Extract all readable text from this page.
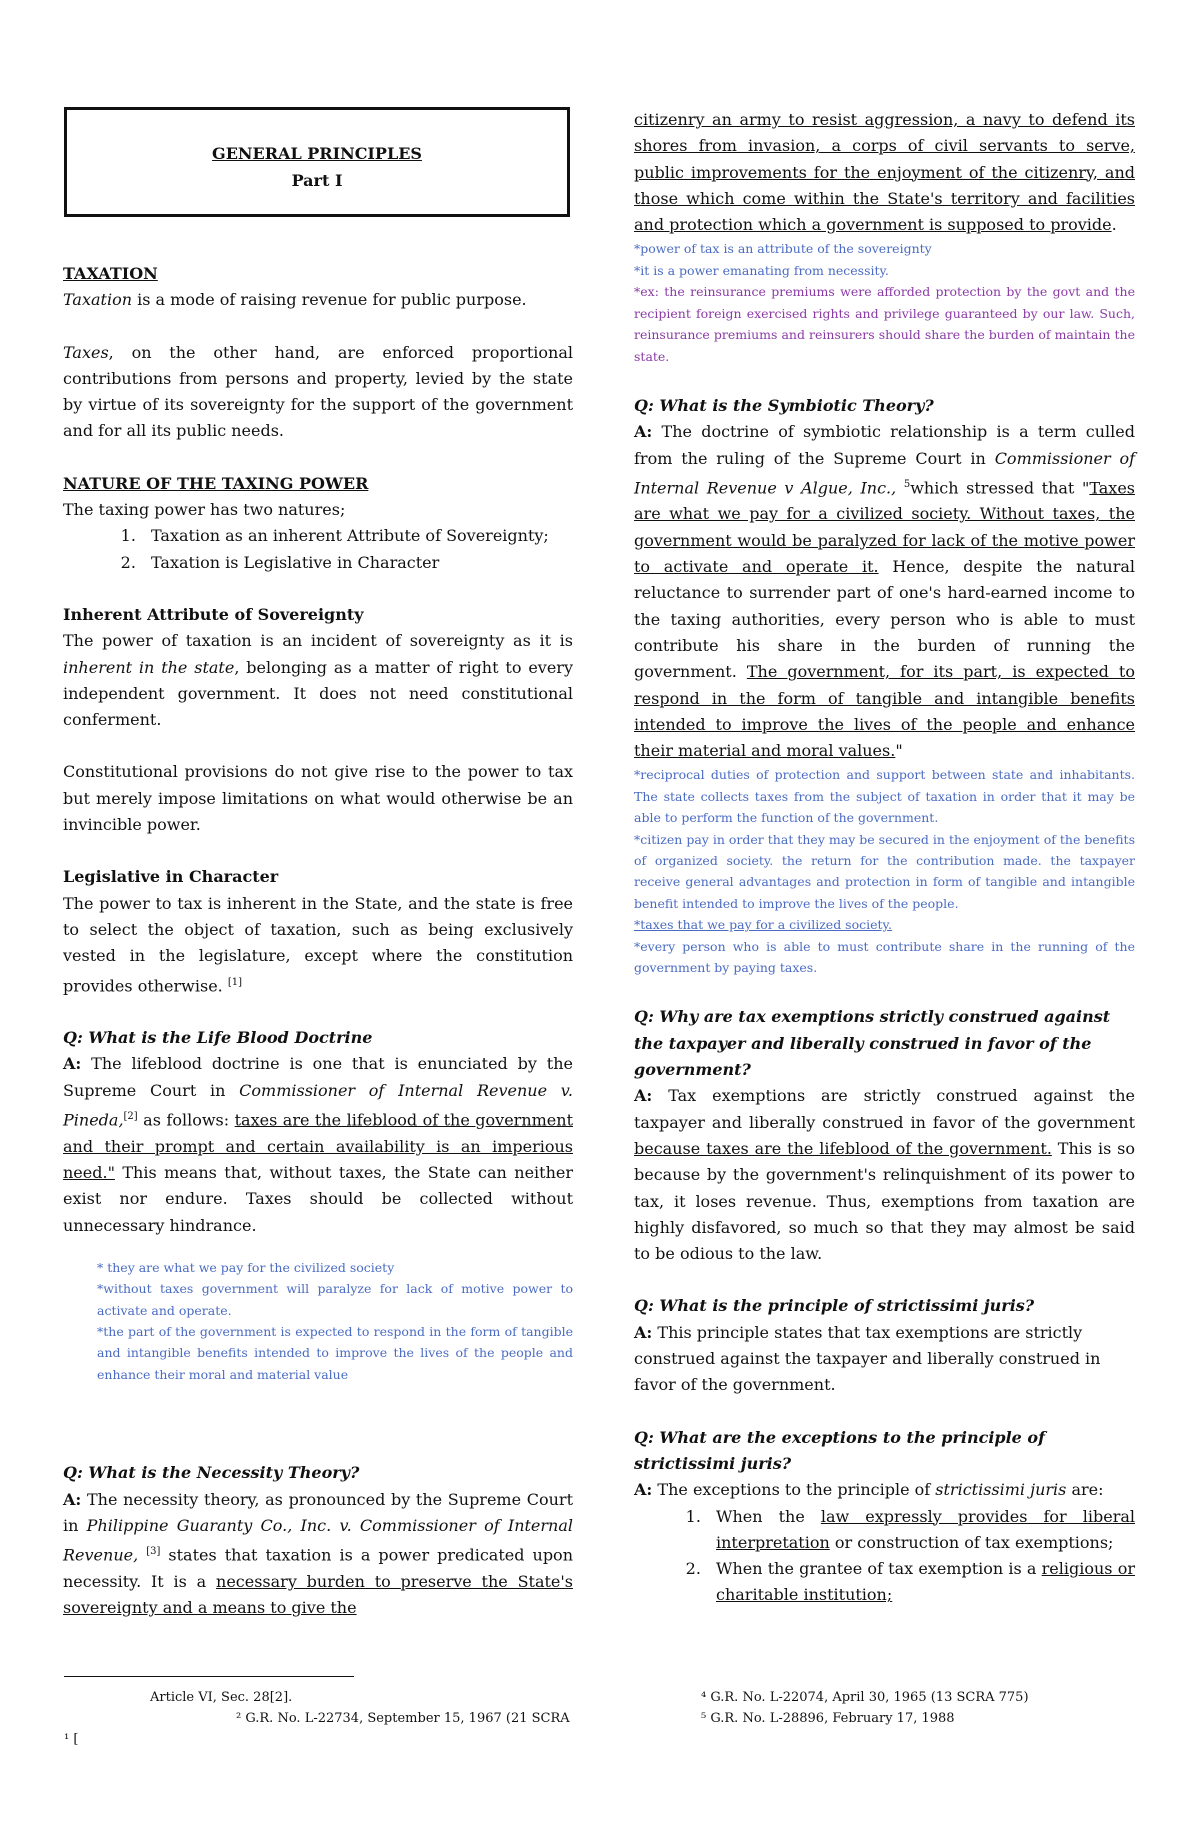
GENERAL PRINCIPLES
Part I

TAXATION

Taxation is a mode of raising revenue for public purpose.

Taxes, on the other hand, are enforced proportional contributions from persons and property, levied by the state by virtue of its sovereignty for the support of the government and for all its public needs.

NATURE OF THE TAXING POWER

The taxing power has two natures;

1. Taxation as an inherent Attribute of Sovereignty;
2. Taxation is Legislative in Character

Inherent Attribute of Sovereignty

The power of taxation is an incident of sovereignty as it is inherent in the state, belonging as a matter of right to every independent government. It does not need constitutional conferment.

Constitutional provisions do not give rise to the power to tax but merely impose limitations on what would otherwise be an invincible power.

Legislative in Character

The power to tax is inherent in the State, and the state is free to select the object of taxation, such as being exclusively vested in the legislature, except where the constitution provides otherwise. [1]

Q: What is the Life Blood Doctrine

A: The lifeblood doctrine is one that is enunciated by the Supreme Court in Commissioner of Internal Revenue v. Pineda,[2] as follows: taxes are the lifeblood of the government and their prompt and certain availability is an imperious need." This means that, without taxes, the State can neither exist nor endure. Taxes should be collected without unnecessary hindrance.

* they are what we pay for the civilized society

*without taxes government will paralyze for lack of motive power to activate and operate.

*the part of the government is expected to respond in the form of tangible and intangible benefits intended to improve the lives of the people and enhance their moral and material value

Q: What is the Necessity Theory?

A: The necessity theory, as pronounced by the Supreme Court in Philippine Guaranty Co., Inc. v. Commissioner of Internal Revenue, [3] states that taxation is a power predicated upon necessity. It is a necessary burden to preserve the State's sovereignty and a means to give the

citizenry an army to resist aggression, a navy to defend its shores from invasion, a corps of civil servants to serve, public improvements for the enjoyment of the citizenry, and those which come within the State's territory and facilities and protection which a government is supposed to provide.

*power of tax is an attribute of the sovereignty

*it is a power emanating from necessity.

*ex: the reinsurance premiums were afforded protection by the govt and the recipient foreign exercised rights and privilege guaranteed by our law. Such, reinsurance premiums and reinsurers should share the burden of maintain the state.

Q: What is the Symbiotic Theory?

A: The doctrine of symbiotic relationship is a term culled from the ruling of the Supreme Court in Commissioner of Internal Revenue v Algue, Inc., $^5$which stressed that "Taxes are what we pay for a civilized society. Without taxes, the government would be paralyzed for lack of the motive power to activate and operate it. Hence, despite the natural reluctance to surrender part of one's hard-earned income to the taxing authorities, every person who is able to must contribute his share in the burden of running the government. The government, for its part, is expected to respond in the form of tangible and intangible benefits intended to improve the lives of the people and enhance their material and moral values."

*reciprocal duties of protection and support between state and inhabitants. The state collects taxes from the subject of taxation in order that it may be able to perform the function of the government.

*citizen pay in order that they may be secured in the enjoyment of the benefits of organized society. the return for the contribution made. the taxpayer receive general advantages and protection in form of tangible and intangible benefit intended to improve the lives of the people.

*taxes that we pay for a civilized society.

*every person who is able to must contribute share in the running of the government by paying taxes.

Q: Why are tax exemptions strictly construed against the taxpayer and liberally construed in favor of the government?

A: Tax exemptions are strictly construed against the taxpayer and liberally construed in favor of the government because taxes are the lifeblood of the government. This is so because by the government's relinquishment of its power to tax, it loses revenue. Thus, exemptions from taxation are highly disfavored, so much so that they may almost be said to be odious to the law.

Q: What is the principle of strictissimi juris?

A: This principle states that tax exemptions are strictly construed against the taxpayer and liberally construed in favor of the government.

Q: What are the exceptions to the principle of strictissimi juris?

A: The exceptions to the principle of strictissimi juris are:

1. When the law expressly provides for liberal interpretation or construction of tax exemptions;
2. When the grantee of tax exemption is a religious or charitable institution;
Article VI, Sec. 28[2].
² G.R. No. L-22734, September 15, 1967 (21 SCRA
¹ [
⁴ G.R. No. L-22074, April 30, 1965 (13 SCRA 775)
⁵ G.R. No. L-28896, February 17, 1988
